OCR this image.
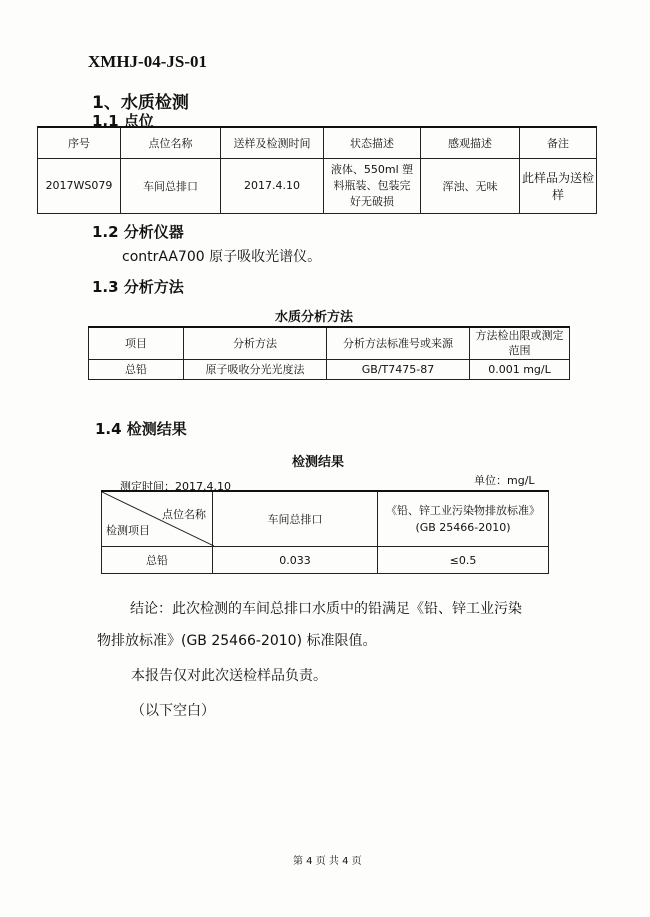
XMHJ-04-JS-01
1、水质检测
1.1 点位
序号	点位名称	送样及检测时间	状态描述	感观描述	备注
2017WS079	车间总排口	2017.4.10	液体、550ml 塑料瓶装、包装完好无破损	浑浊、无味	此样品为送检样
1.2 分析仪器
contrAA700 原子吸收光谱仪。
1.3 分析方法
水质分析方法
项目	分析方法	分析方法标准号或来源	方法检出限或测定范围
总铅	原子吸收分光光度法	GB/T7475-87	0.001 mg/L
1.4 检测结果
检测结果
测定时间：2017.4.10	单位：mg/L
点位名称
检测项目	车间总排口	《铅、锌工业污染物排放标准》(GB 25466-2010)
总铅	0.033	≤0.5
结论：此次检测的车间总排口水质中的铅满足《铅、锌工业污染
物排放标准》(GB 25466-2010) 标准限值。
本报告仅对此次送检样品负责。
（以下空白）
第 4 页 共 4 页
